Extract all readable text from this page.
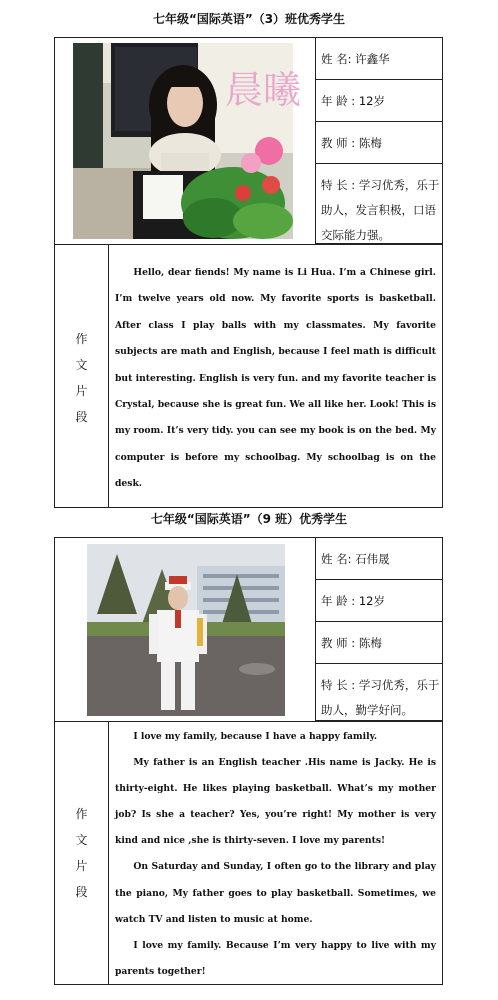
七年级“国际英语”（3）班优秀学生
晨曦
姓 名: 许鑫华
年 龄 : 12岁
教 师 : 陈梅
特 长 : 学习优秀，乐于
助人，发言积极，口语
交际能力强。
作
文
片
段

Hello, dear fiends! My name is Li Hua. I’m a Chinese girl. I’m twelve years old now. My favorite sports is basketball. After class I play balls with my classmates. My favorite subjects are math and English, because I feel math is difficult but interesting. English is very fun. and my favorite teacher is Crystal, because she is great fun. We all like her. Look! This is my room. It’s very tidy. you can see my book is on the bed. My computer is before my schoolbag. My schoolbag is on the desk.

七年级“国际英语”（9 班）优秀学生
姓 名: 石伟晟
年 龄 : 12岁
教 师 : 陈梅
特 长 : 学习优秀，乐于
助人，勤学好问。
作
文
片
段

I love my family, because I have a happy family.

My father is an English teacher .His name is Jacky. He is thirty-eight. He likes playing basketball. What’s my mother job? Is she a teacher? Yes, you’re right! My mother is very kind and nice ,she is thirty-seven. I love my parents!

On Saturday and Sunday, I often go to the library and play the piano, My father goes to play basketball. Sometimes, we watch TV and listen to music at home.

I love my family. Because I’m very happy to live with my parents together!
